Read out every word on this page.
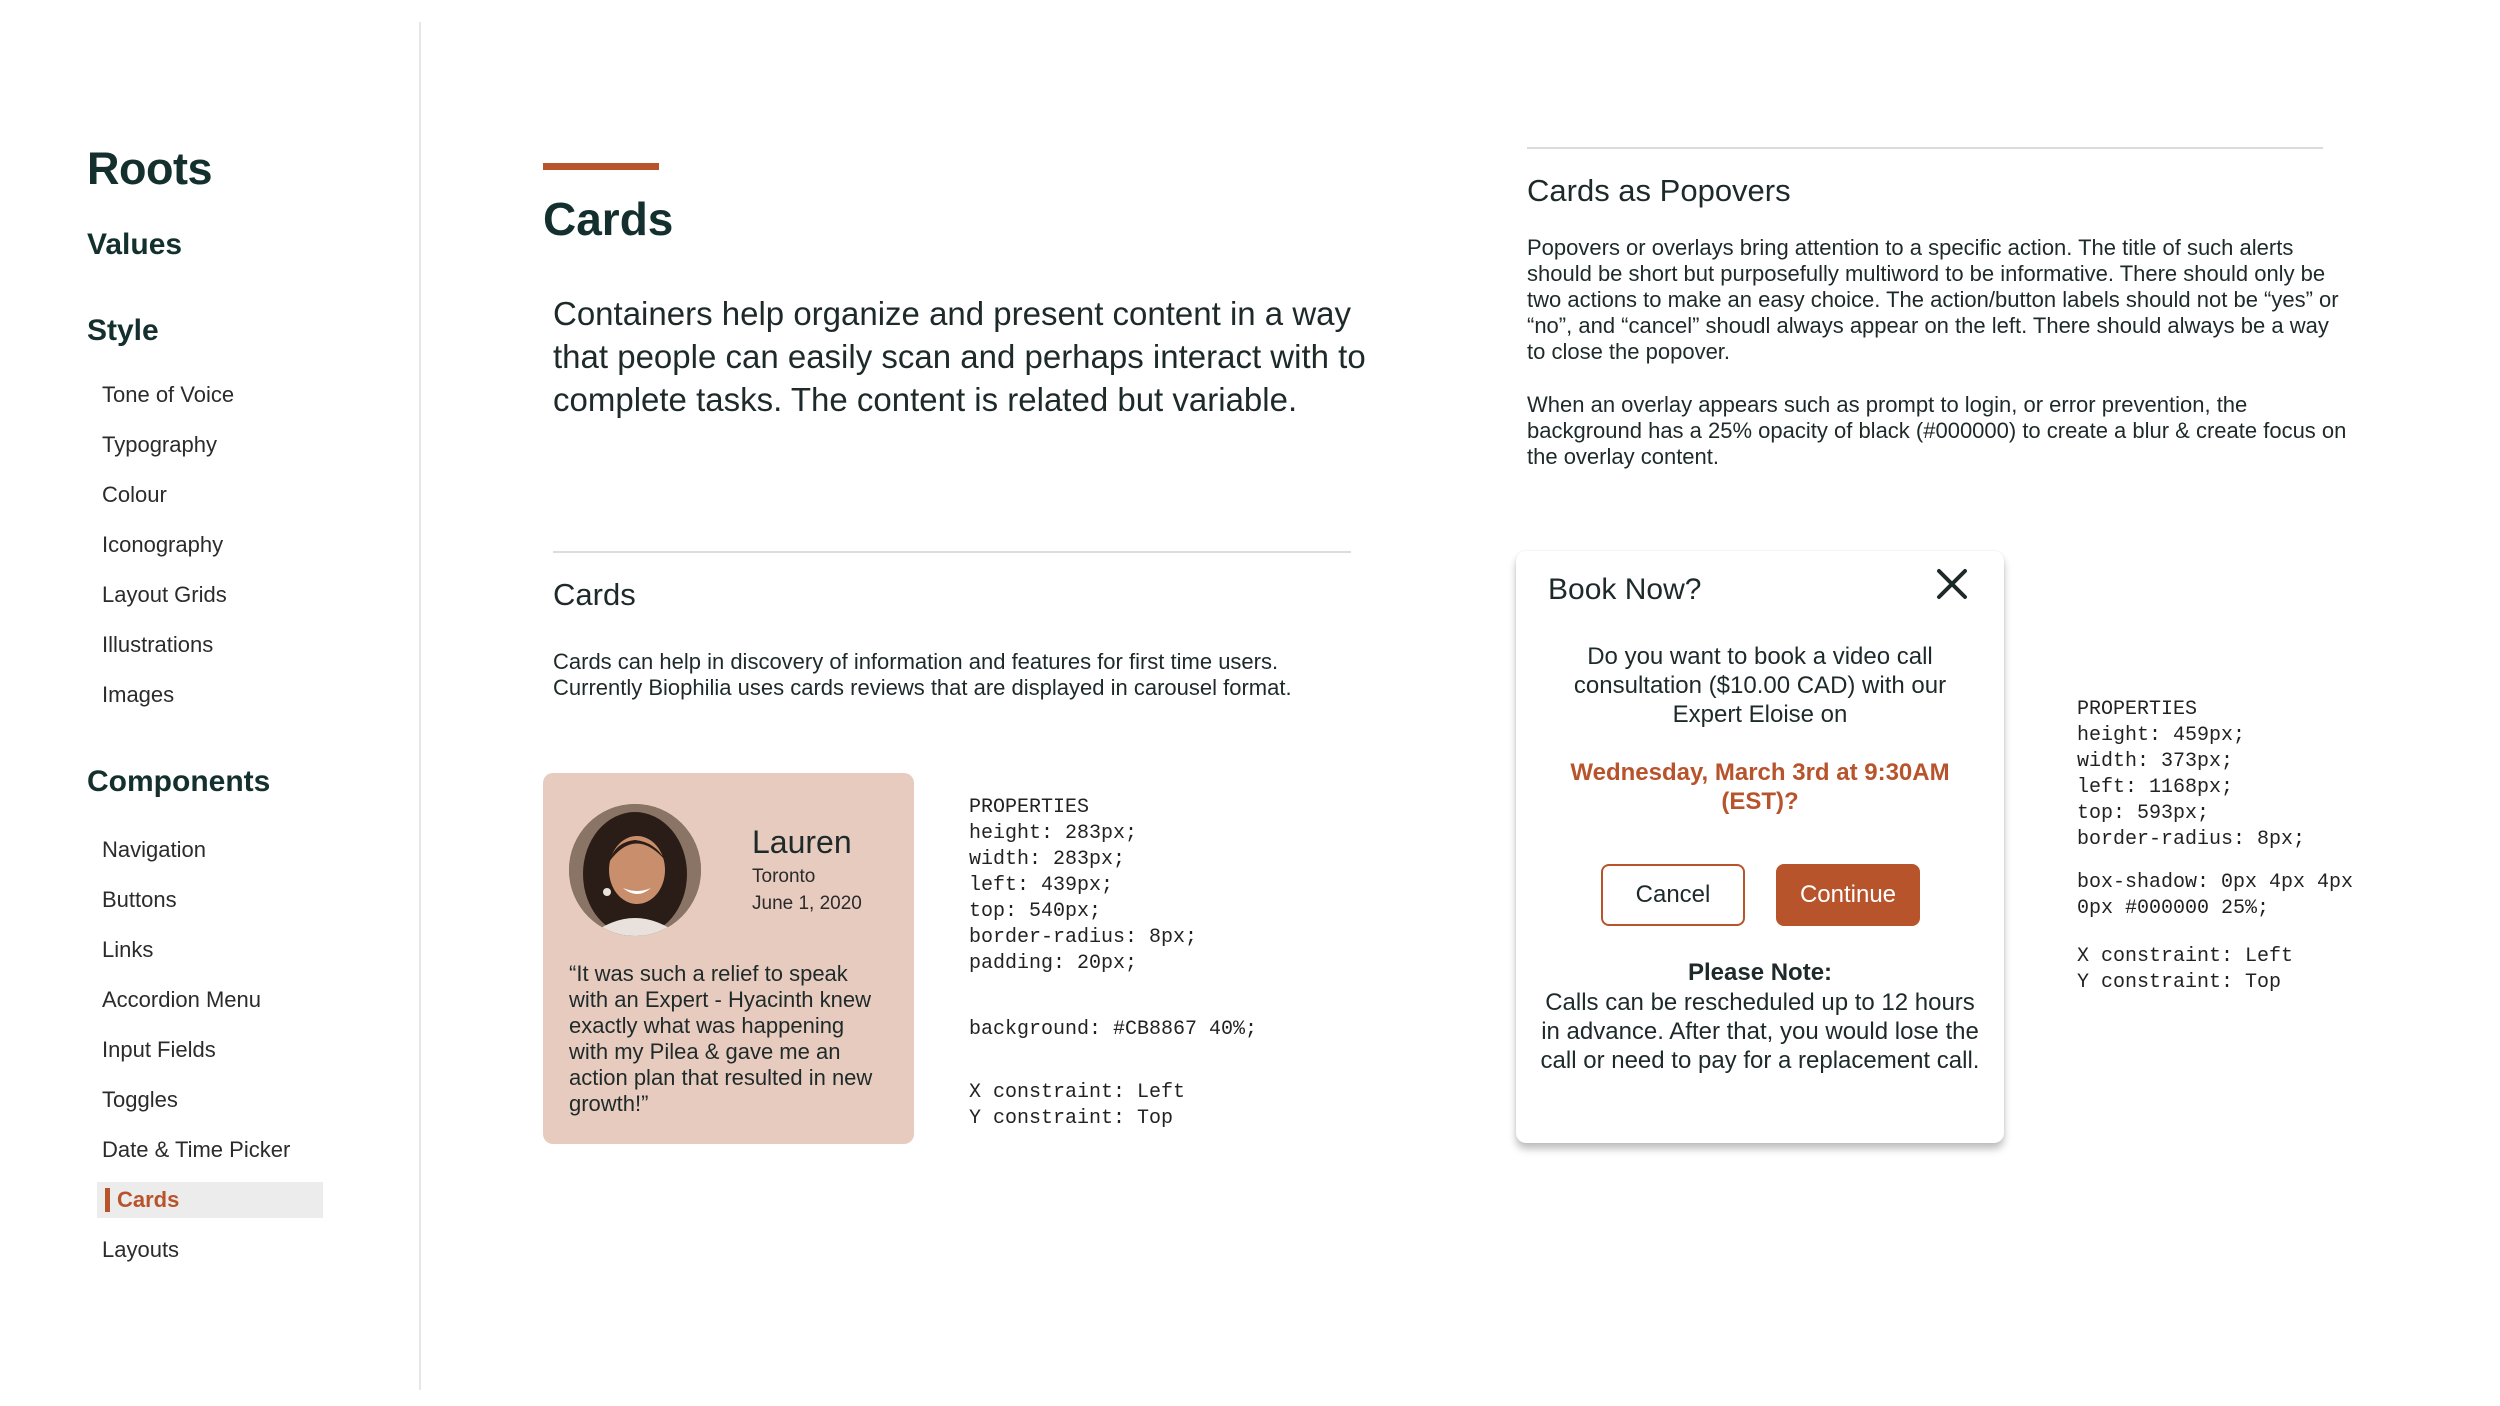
Roots
Values
Style
Tone of Voice
Typography
Colour
Iconography
Layout Grids
Illustrations
Images
Components
Navigation
Buttons
Links
Accordion Menu
Input Fields
Toggles
Date & Time Picker
Cards
Layouts
Cards
Containers help organize and present content in a way that people can easily scan and perhaps interact with to complete tasks. The content is related but variable.
Cards
Cards can help in discovery of information and features for first time users. Currently Biophilia uses cards reviews that are displayed in carousel format.
Lauren
Toronto
June 1, 2020
“It was such a relief to speak with an Expert - Hyacinth knew exactly what was happening with my Pilea & gave me an action plan that resulted in new growth!”
PROPERTIES
height: 283px;
width: 283px;
left: 439px;
top: 540px;
border-radius: 8px;
padding: 20px;
background: #CB8867 40%;
X constraint: Left
Y constraint: Top
Cards as Popovers
Popovers or overlays bring attention to a specific action. The title of such alerts should be short but purposefully multiword to be informative. There should only be two actions to make an easy choice. The action/button labels should not be “yes” or “no”, and “cancel” shoudl always appear on the left. There should always be a way to close the popover.
When an overlay appears such as prompt to login, or error prevention, the background has a 25% opacity of black (#000000) to create a blur & create focus on the overlay content.
Book Now?
Do you want to book a video call consultation ($10.00 CAD) with our Expert Eloise on
Wednesday, March 3rd at 9:30AM (EST)?
Cancel	Continue
Please Note:
Calls can be rescheduled up to 12 hours in advance. After that, you would lose the call or need to pay for a replacement call.
PROPERTIES
height: 459px;
width: 373px;
left: 1168px;
top: 593px;
border-radius: 8px;
box-shadow: 0px 4px 4px
0px #000000 25%;
X constraint: Left
Y constraint: Top
